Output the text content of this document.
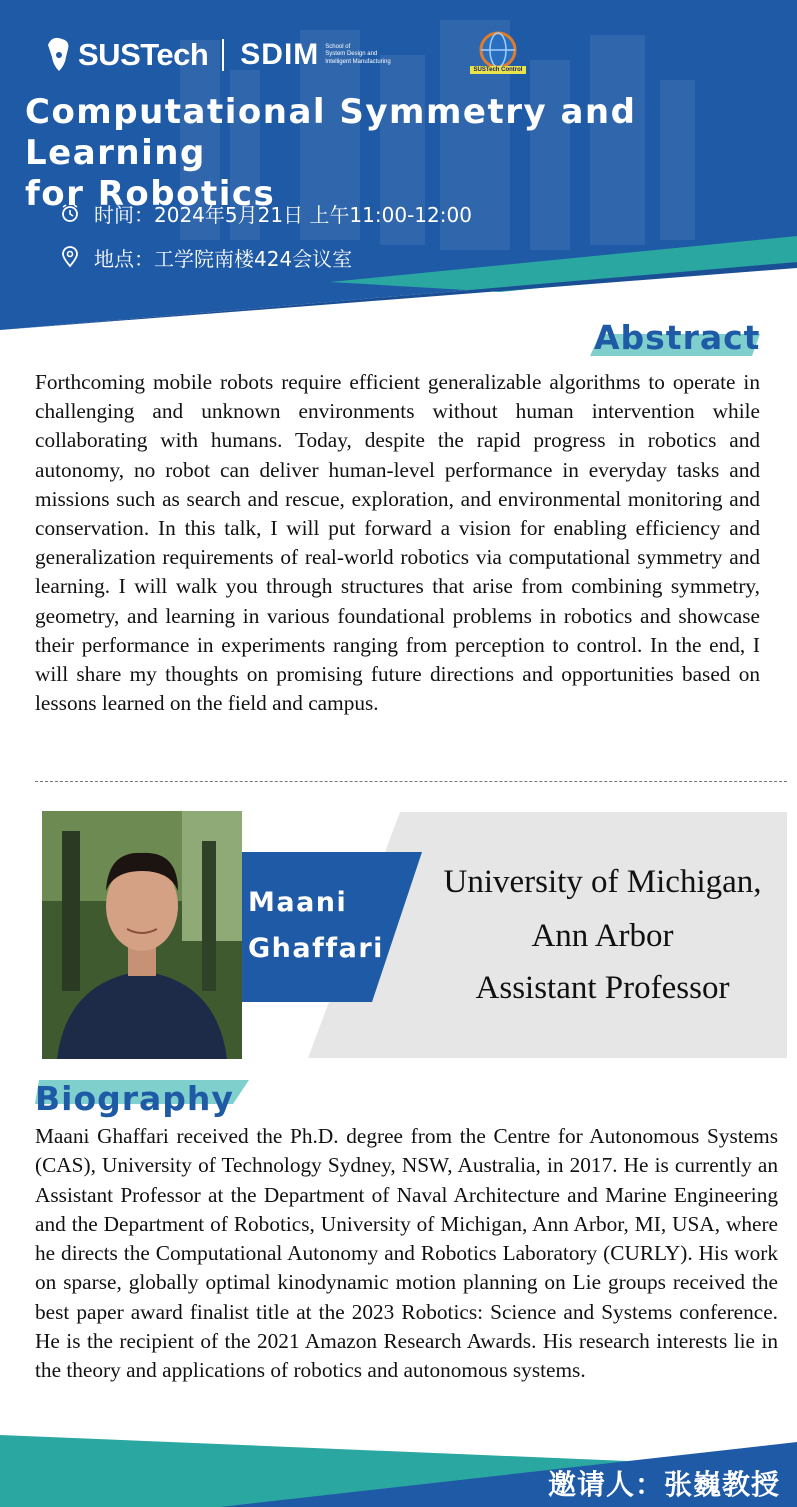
SUSTech SDIM School of
System Design and
Intelligent Manufacturing
SUSTech Control
Computational Symmetry and Learning
for Robotics
时间：2024年5月21日 上午11:00-12:00
地点：工学院南楼424会议室
Abstract
Forthcoming mobile robots require efficient generalizable algorithms to operate in challenging and unknown environments without human intervention while collaborating with humans. Today, despite the rapid progress in robotics and autonomy, no robot can deliver human-level performance in everyday tasks and missions such as search and rescue, exploration, and environmental monitoring and conservation. In this talk, I will put forward a vision for enabling efficiency and generalization requirements of real-world robotics via computational symmetry and learning. I will walk you through structures that arise from combining symmetry, geometry, and learning in various foundational problems in robotics and showcase their performance in experiments ranging from perception to control. In the end, I will share my thoughts on promising future directions and opportunities based on lessons learned on the field and campus.
Maani
Ghaffari
University of Michigan,
Ann Arbor
Assistant Professor
Biography
Maani Ghaffari received the Ph.D. degree from the Centre for Autonomous Systems (CAS), University of Technology Sydney, NSW, Australia, in 2017. He is currently an Assistant Professor at the Department of Naval Architecture and Marine Engineering and the Department of Robotics, University of Michigan, Ann Arbor, MI, USA, where he directs the Computational Autonomy and Robotics Laboratory (CURLY). His work on sparse, globally optimal kinodynamic motion planning on Lie groups received the best paper award finalist title at the 2023 Robotics: Science and Systems conference. He is the recipient of the 2021 Amazon Research Awards. His research interests lie in the theory and applications of robotics and autonomous systems.
邀请人：张巍教授
